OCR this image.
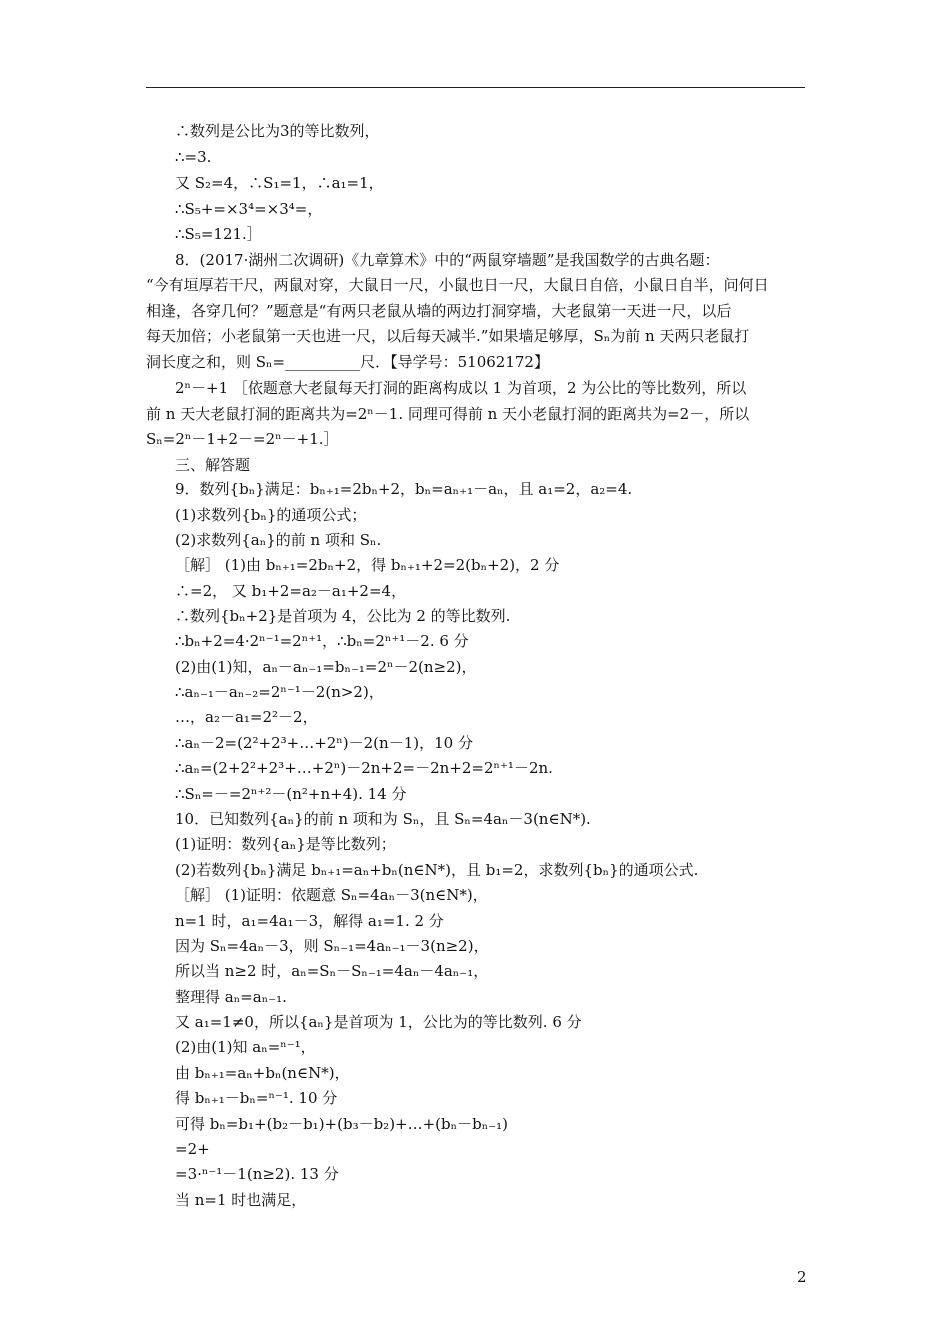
∴数列是公比为3的等比数列，
∴=3.
又 S₂=4，∴S₁=1，∴a₁=1，
∴S₅+=×3⁴=×3⁴=，
∴S₅=121.］
8．(2017·湖州二次调研)《九章算术》中的“两鼠穿墙题”是我国数学的古典名题：
“今有垣厚若干尺，两鼠对穿，大鼠日一尺，小鼠也日一尺，大鼠日自倍，小鼠日自半，问何日
相逢，各穿几何？”题意是“有两只老鼠从墙的两边打洞穿墙，大老鼠第一天进一尺，以后
每天加倍；小老鼠第一天也进一尺，以后每天减半.”如果墙足够厚，Sₙ为前 n 天两只老鼠打
洞长度之和，则 Sₙ=__________尺．【导学号：51062172】
2ⁿ－+1 ［依题意大老鼠每天打洞的距离构成以 1 为首项，2 为公比的等比数列，所以
前 n 天大老鼠打洞的距离共为=2ⁿ－1. 同理可得前 n 天小老鼠打洞的距离共为=2－，所以
Sₙ=2ⁿ－1+2－=2ⁿ－+1.］
三、解答题
9．数列{bₙ}满足：bₙ₊₁=2bₙ+2，bₙ=aₙ₊₁－aₙ，且 a₁=2，a₂=4.
(1)求数列{bₙ}的通项公式；
(2)求数列{aₙ}的前 n 项和 Sₙ.
［解］ (1)由 bₙ₊₁=2bₙ+2，得 bₙ₊₁+2=2(bₙ+2)，2 分
∴=2， 又 b₁+2=a₂－a₁+2=4，
∴数列{bₙ+2}是首项为 4，公比为 2 的等比数列.
∴bₙ+2=4·2ⁿ⁻¹=2ⁿ⁺¹，∴bₙ=2ⁿ⁺¹－2. 6 分
(2)由(1)知，aₙ－aₙ₋₁=bₙ₋₁=2ⁿ－2(n≥2)，
∴aₙ₋₁－aₙ₋₂=2ⁿ⁻¹－2(n>2)，
…，a₂－a₁=2²－2，
∴aₙ－2=(2²+2³+…+2ⁿ)－2(n－1)，10 分
∴aₙ=(2+2²+2³+…+2ⁿ)－2n+2=－2n+2=2ⁿ⁺¹－2n.
∴Sₙ=－=2ⁿ⁺²－(n²+n+4). 14 分
10．已知数列{aₙ}的前 n 项和为 Sₙ，且 Sₙ=4aₙ－3(n∈N*).
(1)证明：数列{aₙ}是等比数列；
(2)若数列{bₙ}满足 bₙ₊₁=aₙ+bₙ(n∈N*)，且 b₁=2，求数列{bₙ}的通项公式.
［解］ (1)证明：依题意 Sₙ=4aₙ－3(n∈N*)，
n=1 时，a₁=4a₁－3，解得 a₁=1. 2 分
因为 Sₙ=4aₙ－3，则 Sₙ₋₁=4aₙ₋₁－3(n≥2)，
所以当 n≥2 时，aₙ=Sₙ－Sₙ₋₁=4aₙ－4aₙ₋₁，
整理得 aₙ=aₙ₋₁.
又 a₁=1≠0，所以{aₙ}是首项为 1，公比为的等比数列. 6 分
(2)由(1)知 aₙ=ⁿ⁻¹，
由 bₙ₊₁=aₙ+bₙ(n∈N*)，
得 bₙ₊₁－bₙ=ⁿ⁻¹. 10 分
可得 bₙ=b₁+(b₂－b₁)+(b₃－b₂)+…+(bₙ－bₙ₋₁)
=2+
=3·ⁿ⁻¹－1(n≥2). 13 分
当 n=1 时也满足，
2
